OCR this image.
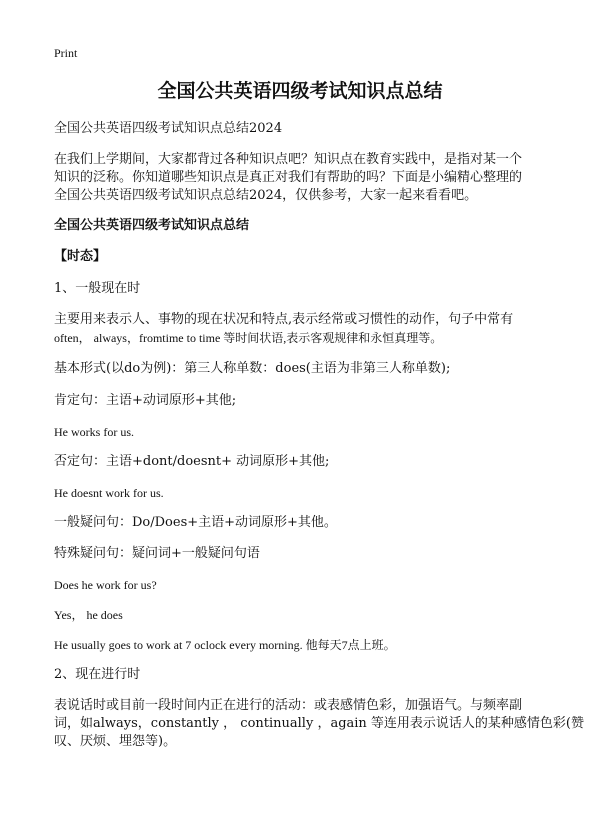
Print
全国公共英语四级考试知识点总结
全国公共英语四级考试知识点总结2024
在我们上学期间，大家都背过各种知识点吧？知识点在教育实践中，是指对某一个
知识的泛称。你知道哪些知识点是真正对我们有帮助的吗？下面是小编精心整理的
全国公共英语四级考试知识点总结2024，仅供参考，大家一起来看看吧。
全国公共英语四级考试知识点总结
【时态】
1、一般现在时
主要用来表示人、事物的现在状况和特点,表示经常或习惯性的动作，句子中常有
often， always，fromtime to time 等时间状语,表示客观规律和永恒真理等。
基本形式(以do为例)：第三人称单数：does(主语为非第三人称单数);
肯定句：主语+动词原形+其他;
He works for us.
否定句：主语+dont/doesnt+ 动词原形+其他;
He doesnt work for us.
一般疑问句：Do/Does+主语+动词原形+其他。
特殊疑问句：疑问词+一般疑问句语
Does he work for us?
Yes， he does
He usually goes to work at 7 oclock every morning. 他每天7点上班。
2、现在进行时
表说话时或目前一段时间内正在进行的活动：或表感情色彩，加强语气。与频率副
词，如always，constantly ， continually ，again 等连用表示说话人的某种感情色彩(赞
叹、厌烦、埋怨等)。
